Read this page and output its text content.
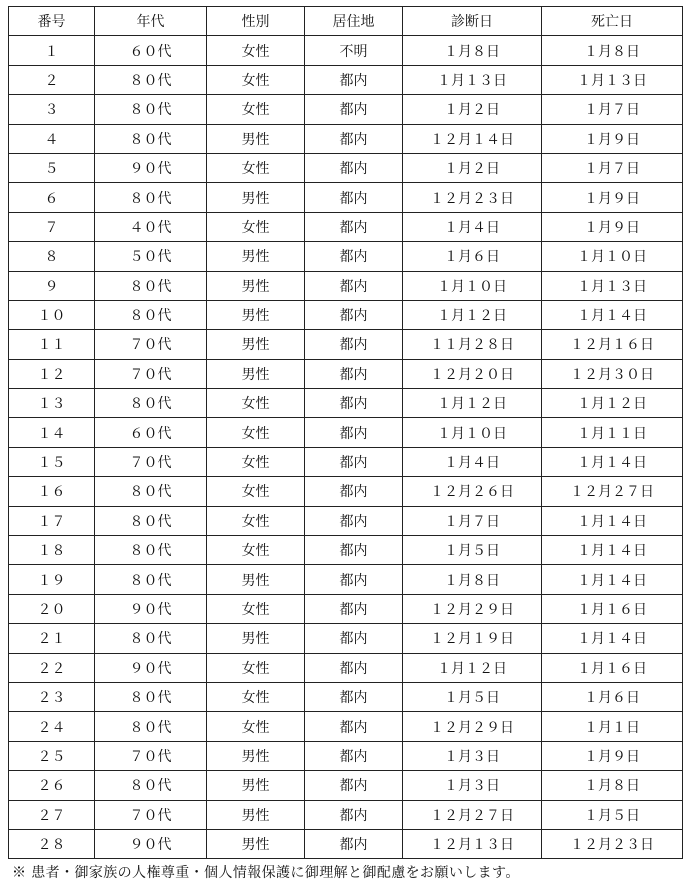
番号	年代	性別	居住地	診断日	死亡日
１	６０代	女性	不明	１月８日	１月８日
２	８０代	女性	都内	１月１３日	１月１３日
３	８０代	女性	都内	１月２日	１月７日
４	８０代	男性	都内	１２月１４日	１月９日
５	９０代	女性	都内	１月２日	１月７日
６	８０代	男性	都内	１２月２３日	１月９日
７	４０代	女性	都内	１月４日	１月９日
８	５０代	男性	都内	１月６日	１月１０日
９	８０代	男性	都内	１月１０日	１月１３日
１０	８０代	男性	都内	１月１２日	１月１４日
１１	７０代	男性	都内	１１月２８日	１２月１６日
１２	７０代	男性	都内	１２月２０日	１２月３０日
１３	８０代	女性	都内	１月１２日	１月１２日
１４	６０代	女性	都内	１月１０日	１月１１日
１５	７０代	女性	都内	１月４日	１月１４日
１６	８０代	女性	都内	１２月２６日	１２月２７日
１７	８０代	女性	都内	１月７日	１月１４日
１８	８０代	女性	都内	１月５日	１月１４日
１９	８０代	男性	都内	１月８日	１月１４日
２０	９０代	女性	都内	１２月２９日	１月１６日
２１	８０代	男性	都内	１２月１９日	１月１４日
２２	９０代	女性	都内	１月１２日	１月１６日
２３	８０代	女性	都内	１月５日	１月６日
２４	８０代	女性	都内	１２月２９日	１月１日
２５	７０代	男性	都内	１月３日	１月９日
２６	８０代	男性	都内	１月３日	１月８日
２７	７０代	男性	都内	１２月２７日	１月５日
２８	９０代	男性	都内	１２月１３日	１２月２３日
※ 患者・御家族の人権尊重・個人情報保護に御理解と御配慮をお願いします。
